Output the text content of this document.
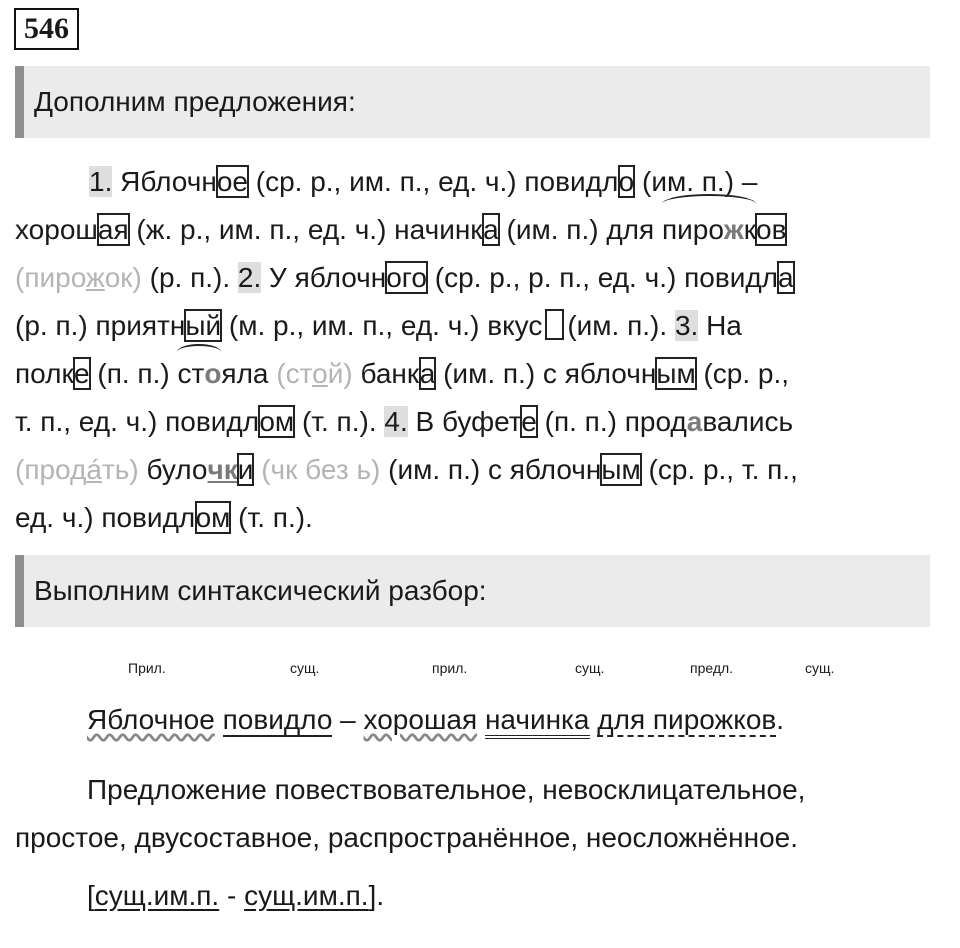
546
Дополним предложения:
1. Яблочное (ср. р., им. п., ед. ч.) повидло (им. п.) –
хорошая (ж. р., им. п., ед. ч.) начинка (им. п.) для пирожков
(пирожок) (р. п.). 2. У яблочного (ср. р., р. п., ед. ч.) повидла
(р. п.) приятный (м. р., им. п., ед. ч.) вкус (им. п.). 3. На
полке (п. п.) стояла (стой) банка (им. п.) с яблочным (ср. р.,
т. п., ед. ч.) повидлом (т. п.). 4. В буфете (п. п.) продавались
(прода́ть) булочки (чк без ь) (им. п.) с яблочным (ср. р., т. п.,
ед. ч.) повидлом (т. п.).
Выполним синтаксический разбор:
Прил.	сущ.	прил.	сущ.	предл.	сущ.
Яблочное повидло – хорошая начинка для пирожков.
Предложение повествовательное, невосклицательное,
простое, двусоставное, распространённое, неосложнённое.
[сущ.им.п. - сущ.им.п.].
